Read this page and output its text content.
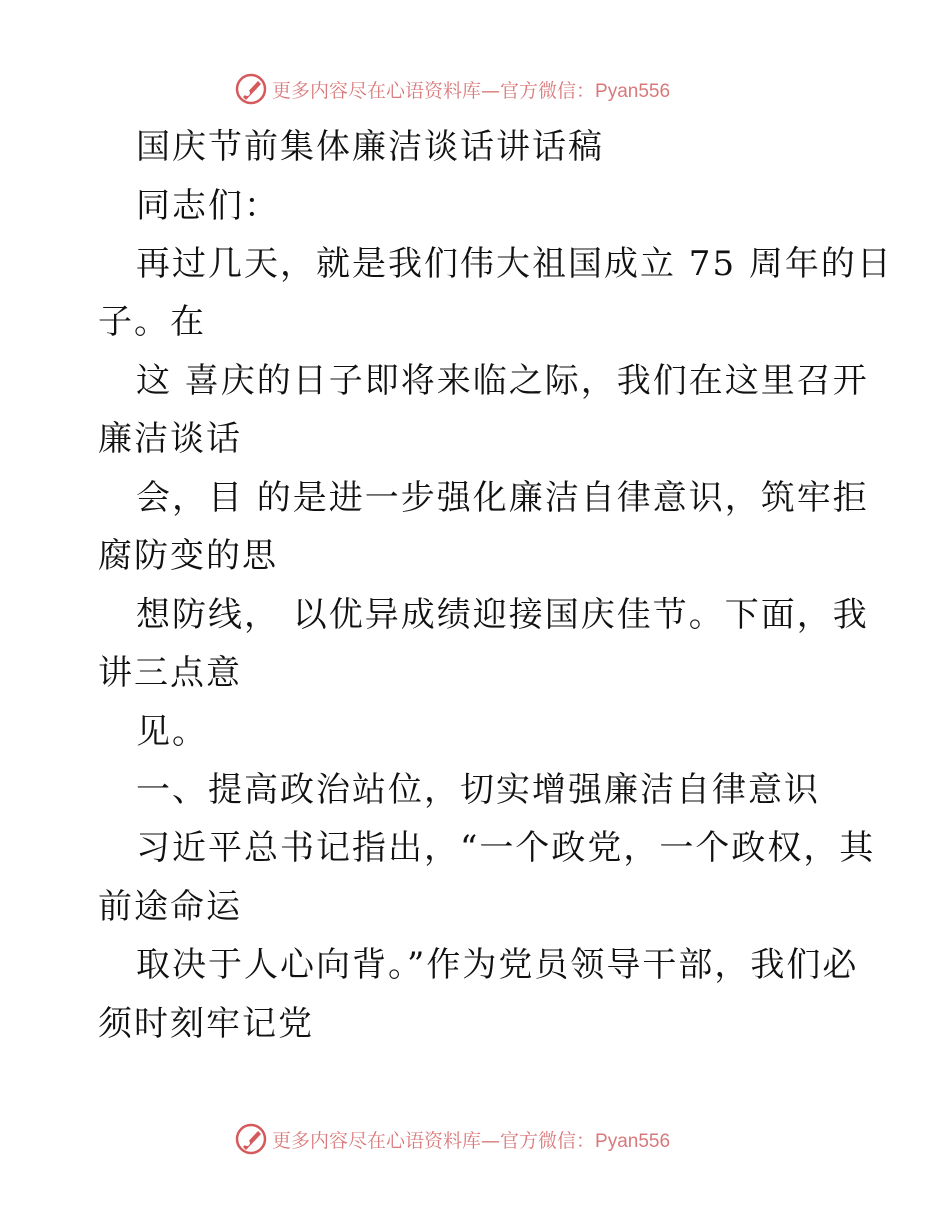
更多内容尽在心语资料库—官方微信：Pyan556
国庆节前集体廉洁谈话讲话稿
同志们：
再过几天，就是我们伟大祖国成立 75 周年的日
子。在
这 喜庆的日子即将来临之际，我们在这里召开
廉洁谈话
会，目 的是进一步强化廉洁自律意识，筑牢拒
腐防变的思
想防线， 以优异成绩迎接国庆佳节。下面，我
讲三点意
见。
一、提高政治站位，切实增强廉洁自律意识
习近平总书记指出，“一个政党，一个政权，其
前途命运
取决于人心向背。”作为党员领导干部，我们必
须时刻牢记党
更多内容尽在心语资料库—官方微信：Pyan556
